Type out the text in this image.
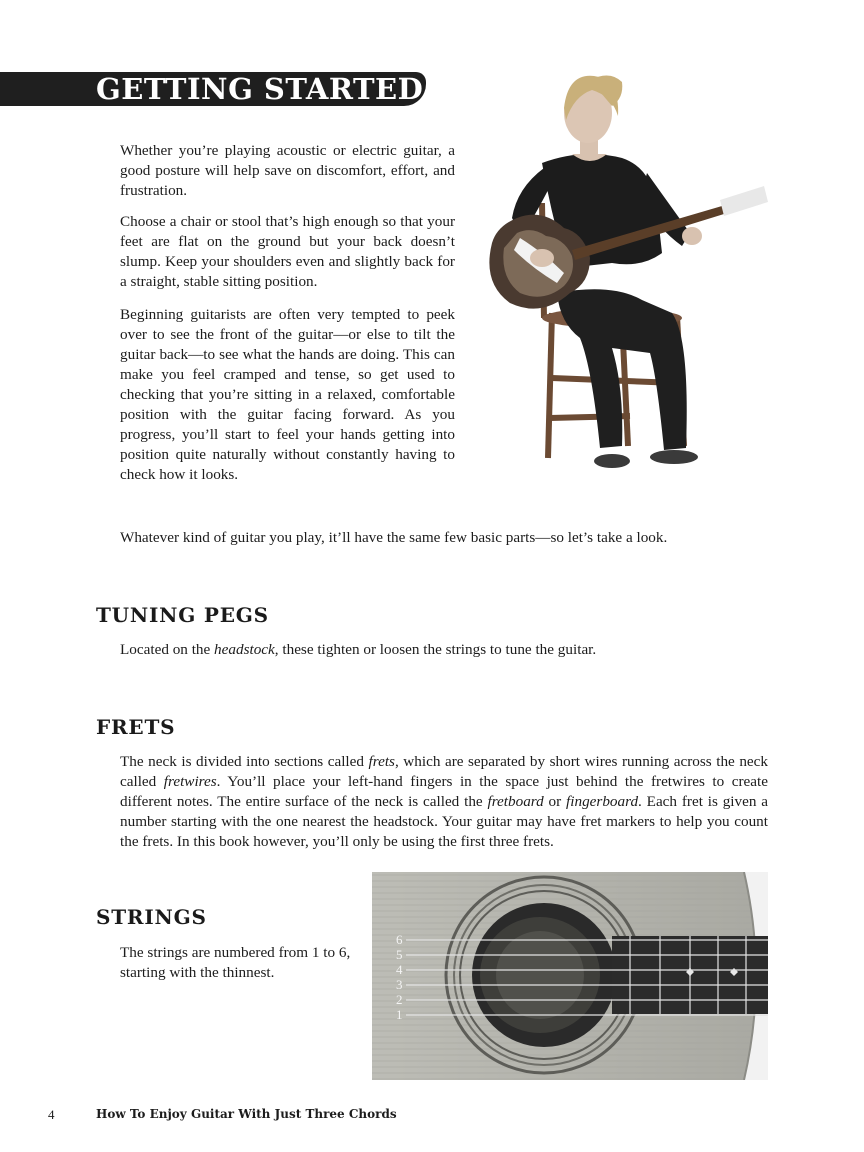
GETTING STARTED

Whether you’re playing acoustic or electric guitar, a good posture will help save on discomfort, effort, and frustration.

Choose a chair or stool that’s high enough so that your feet are flat on the ground but your back doesn’t slump. Keep your shoulders even and slightly back for a straight, stable sitting position.

Beginning guitarists are often very tempted to peek over to see the front of the guitar—or else to tilt the guitar back—to see what the hands are doing. This can make you feel cramped and tense, so get used to checking that you’re sitting in a relaxed, comfortable position with the guitar facing forward. As you progress, you’ll start to feel your hands getting into position quite naturally without constantly having to check how it looks.

Whatever kind of guitar you play, it’ll have the same few basic parts—so let’s take a look.

TUNING PEGS

Located on the headstock, these tighten or loosen the strings to tune the guitar.

FRETS

The neck is divided into sections called frets, which are separated by short wires running across the neck called fretwires. You’ll place your left-hand fingers in the space just behind the fretwires to create different notes. The entire surface of the neck is called the fretboard or fingerboard. Each fret is given a number starting with the one nearest the headstock. Your guitar may have fret markers to help you count the frets. In this book however, you’ll only be using the first three frets.

STRINGS

The strings are numbered from 1 to 6, starting with the thinnest.

6
5
4
3
2
1
4	How To Enjoy Guitar With Just Three Chords
